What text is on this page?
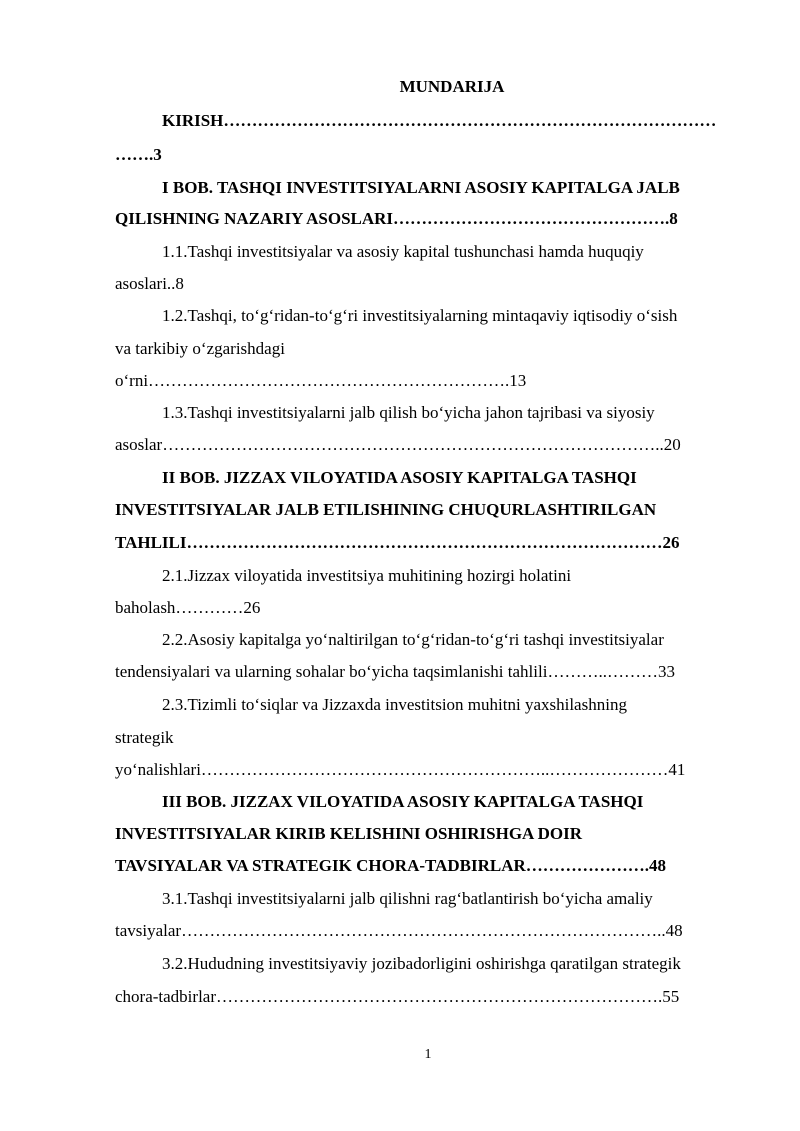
MUNDARIJA
KIRISH……………………………………………………………………………
…….3
I BOB. TASHQI INVESTITSIYALARNI ASOSIY KAPITALGA JALB
QILISHNING NAZARIY ASOSLARI………………………………………….8
1.1.Tashqi investitsiyalar va asosiy kapital tushunchasi hamda huquqiy
asoslari..8
1.2.Tashqi, to‘g‘ridan-to‘g‘ri investitsiyalarning mintaqaviy iqtisodiy o‘sish
va tarkibiy o‘zgarishdagi
o‘rni……………………………………………………….13
1.3.Tashqi investitsiyalarni jalb qilish bo‘yicha jahon tajribasi va siyosiy
asoslar……………………………………………………………………………..20
II BOB. JIZZAX VILOYATIDA ASOSIY KAPITALGA TASHQI
INVESTITSIYALAR JALB ETILISHINING CHUQURLASHTIRILGAN
TAHLILI…………………………………………………………………………26
2.1.Jizzax viloyatida investitsiya muhitining hozirgi holatini
baholash…………26
2.2.Asosiy kapitalga yo‘naltirilgan to‘g‘ridan-to‘g‘ri tashqi investitsiyalar
tendensiyalari va ularning sohalar bo‘yicha taqsimlanishi tahlili………..………33
2.3.Tizimli to‘siqlar va Jizzaxda investitsion muhitni yaxshilashning
strategik
yo‘nalishlari……………………………………………………..…………………41
III BOB. JIZZAX VILOYATIDA ASOSIY KAPITALGA TASHQI
INVESTITSIYALAR KIRIB KELISHINI OSHIRISHGA DOIR
TAVSIYALAR VA STRATEGIK CHORA-TADBIRLAR………………….48
3.1.Tashqi investitsiyalarni jalb qilishni rag‘batlantirish bo‘yicha amaliy
tavsiyalar…………………………………………………………………………..48
3.2.Hududning investitsiyaviy jozibadorligini oshirishga qaratilgan strategik
chora-tadbirlar…………………………………………………………………….55
1
